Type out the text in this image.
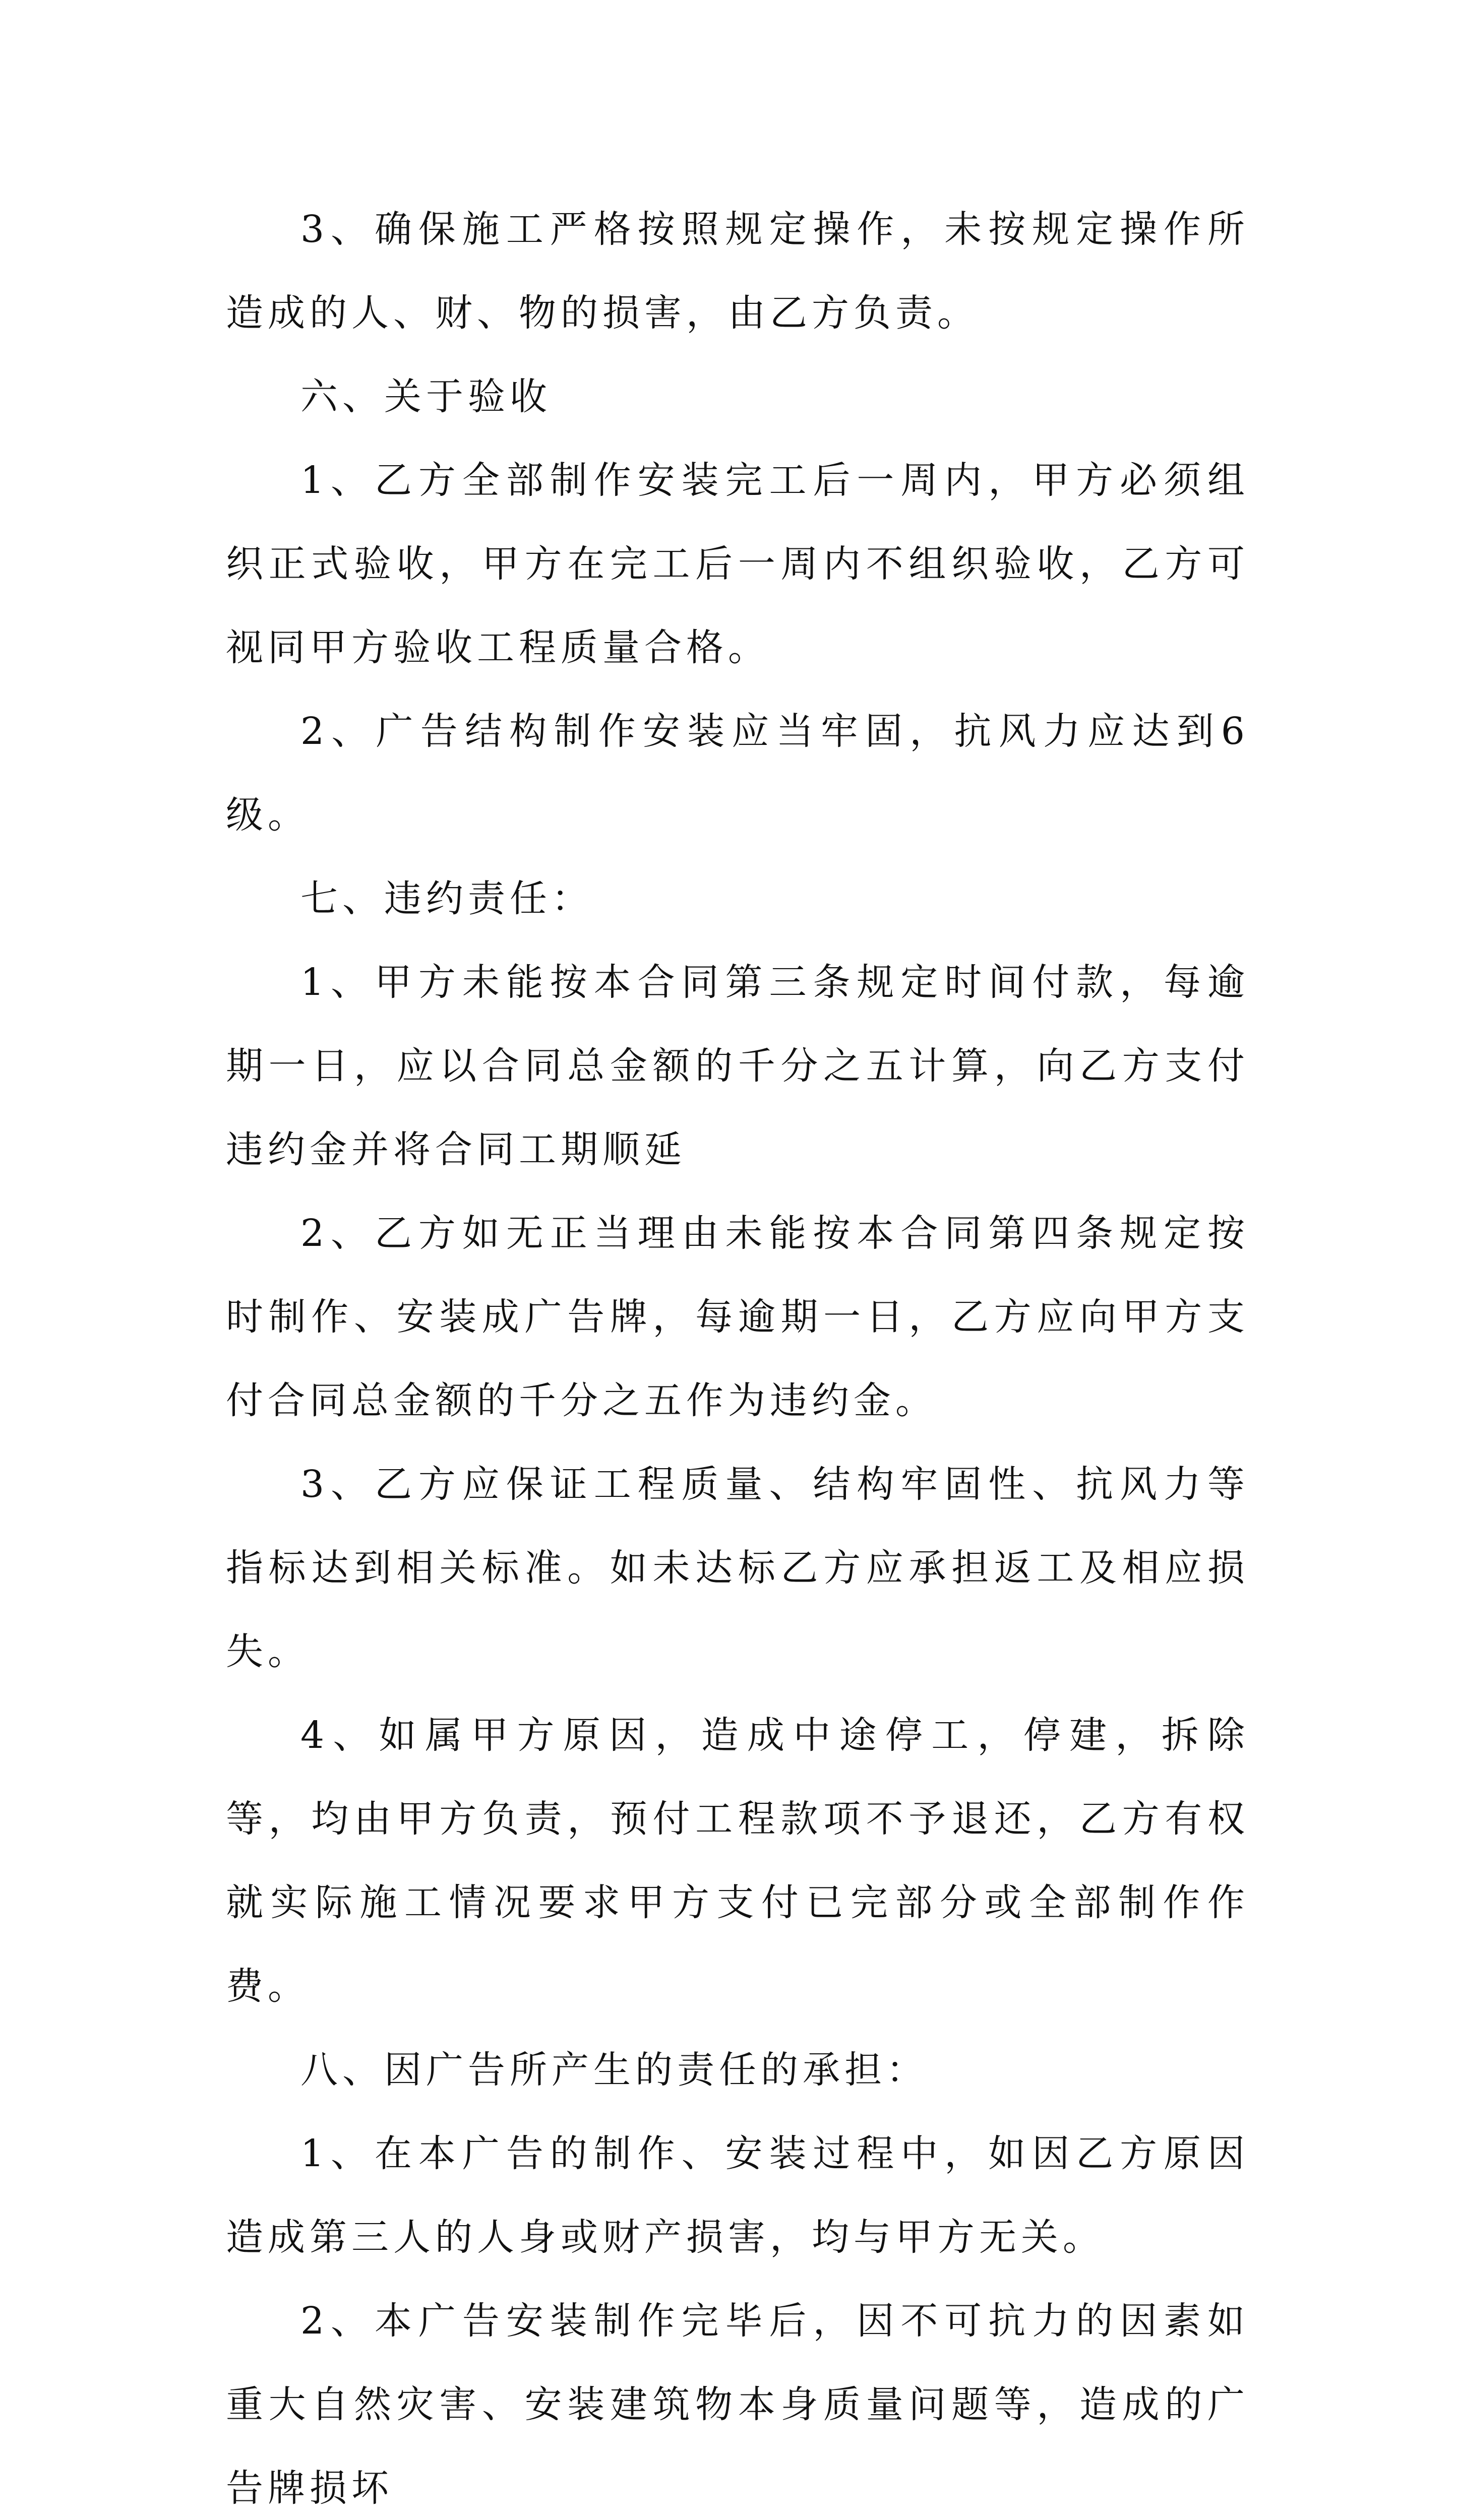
3、确保施工严格按照规定操作，未按规定操作所造成的人、财、物的损害，由乙方负责。

六、关于验收

1、乙方全部制作安装完工后一周内，甲方必须组织正式验收，甲方在完工后一周内不组织验收，乙方可视同甲方验收工程质量合格。

2、广告结构制作安装应当牢固，抗风力应达到6级。

七、违约责任：

1、甲方未能按本合同第三条规定时间付款，每逾期一日，应以合同总金额的千分之五计算，向乙方支付违约金并将合同工期顺延

2、乙方如无正当理由未能按本合同第四条规定按时制作、安装成广告牌，每逾期一日，乙方应向甲方支付合同总金额的千分之五作为违约金。

3、乙方应保证工程质量、结构牢固性、抗风力等指标达到相关标准。如未达标乙方应承担返工及相应损失。

4、如属甲方原因，造成中途停工，停建，拆除等，均由甲方负责，预付工程款项不予退还，乙方有权就实际施工情况要求甲方支付已完部分或全部制作作费。

八、因广告所产生的责任的承担：

1、在本广告的制作、安装过程中，如因乙方原因造成第三人的人身或财产损害，均与甲方无关。

2、本广告安装制作完毕后，因不可抗力的因素如重大自然灾害、安装建筑物本身质量问题等，造成的广告牌损坏
